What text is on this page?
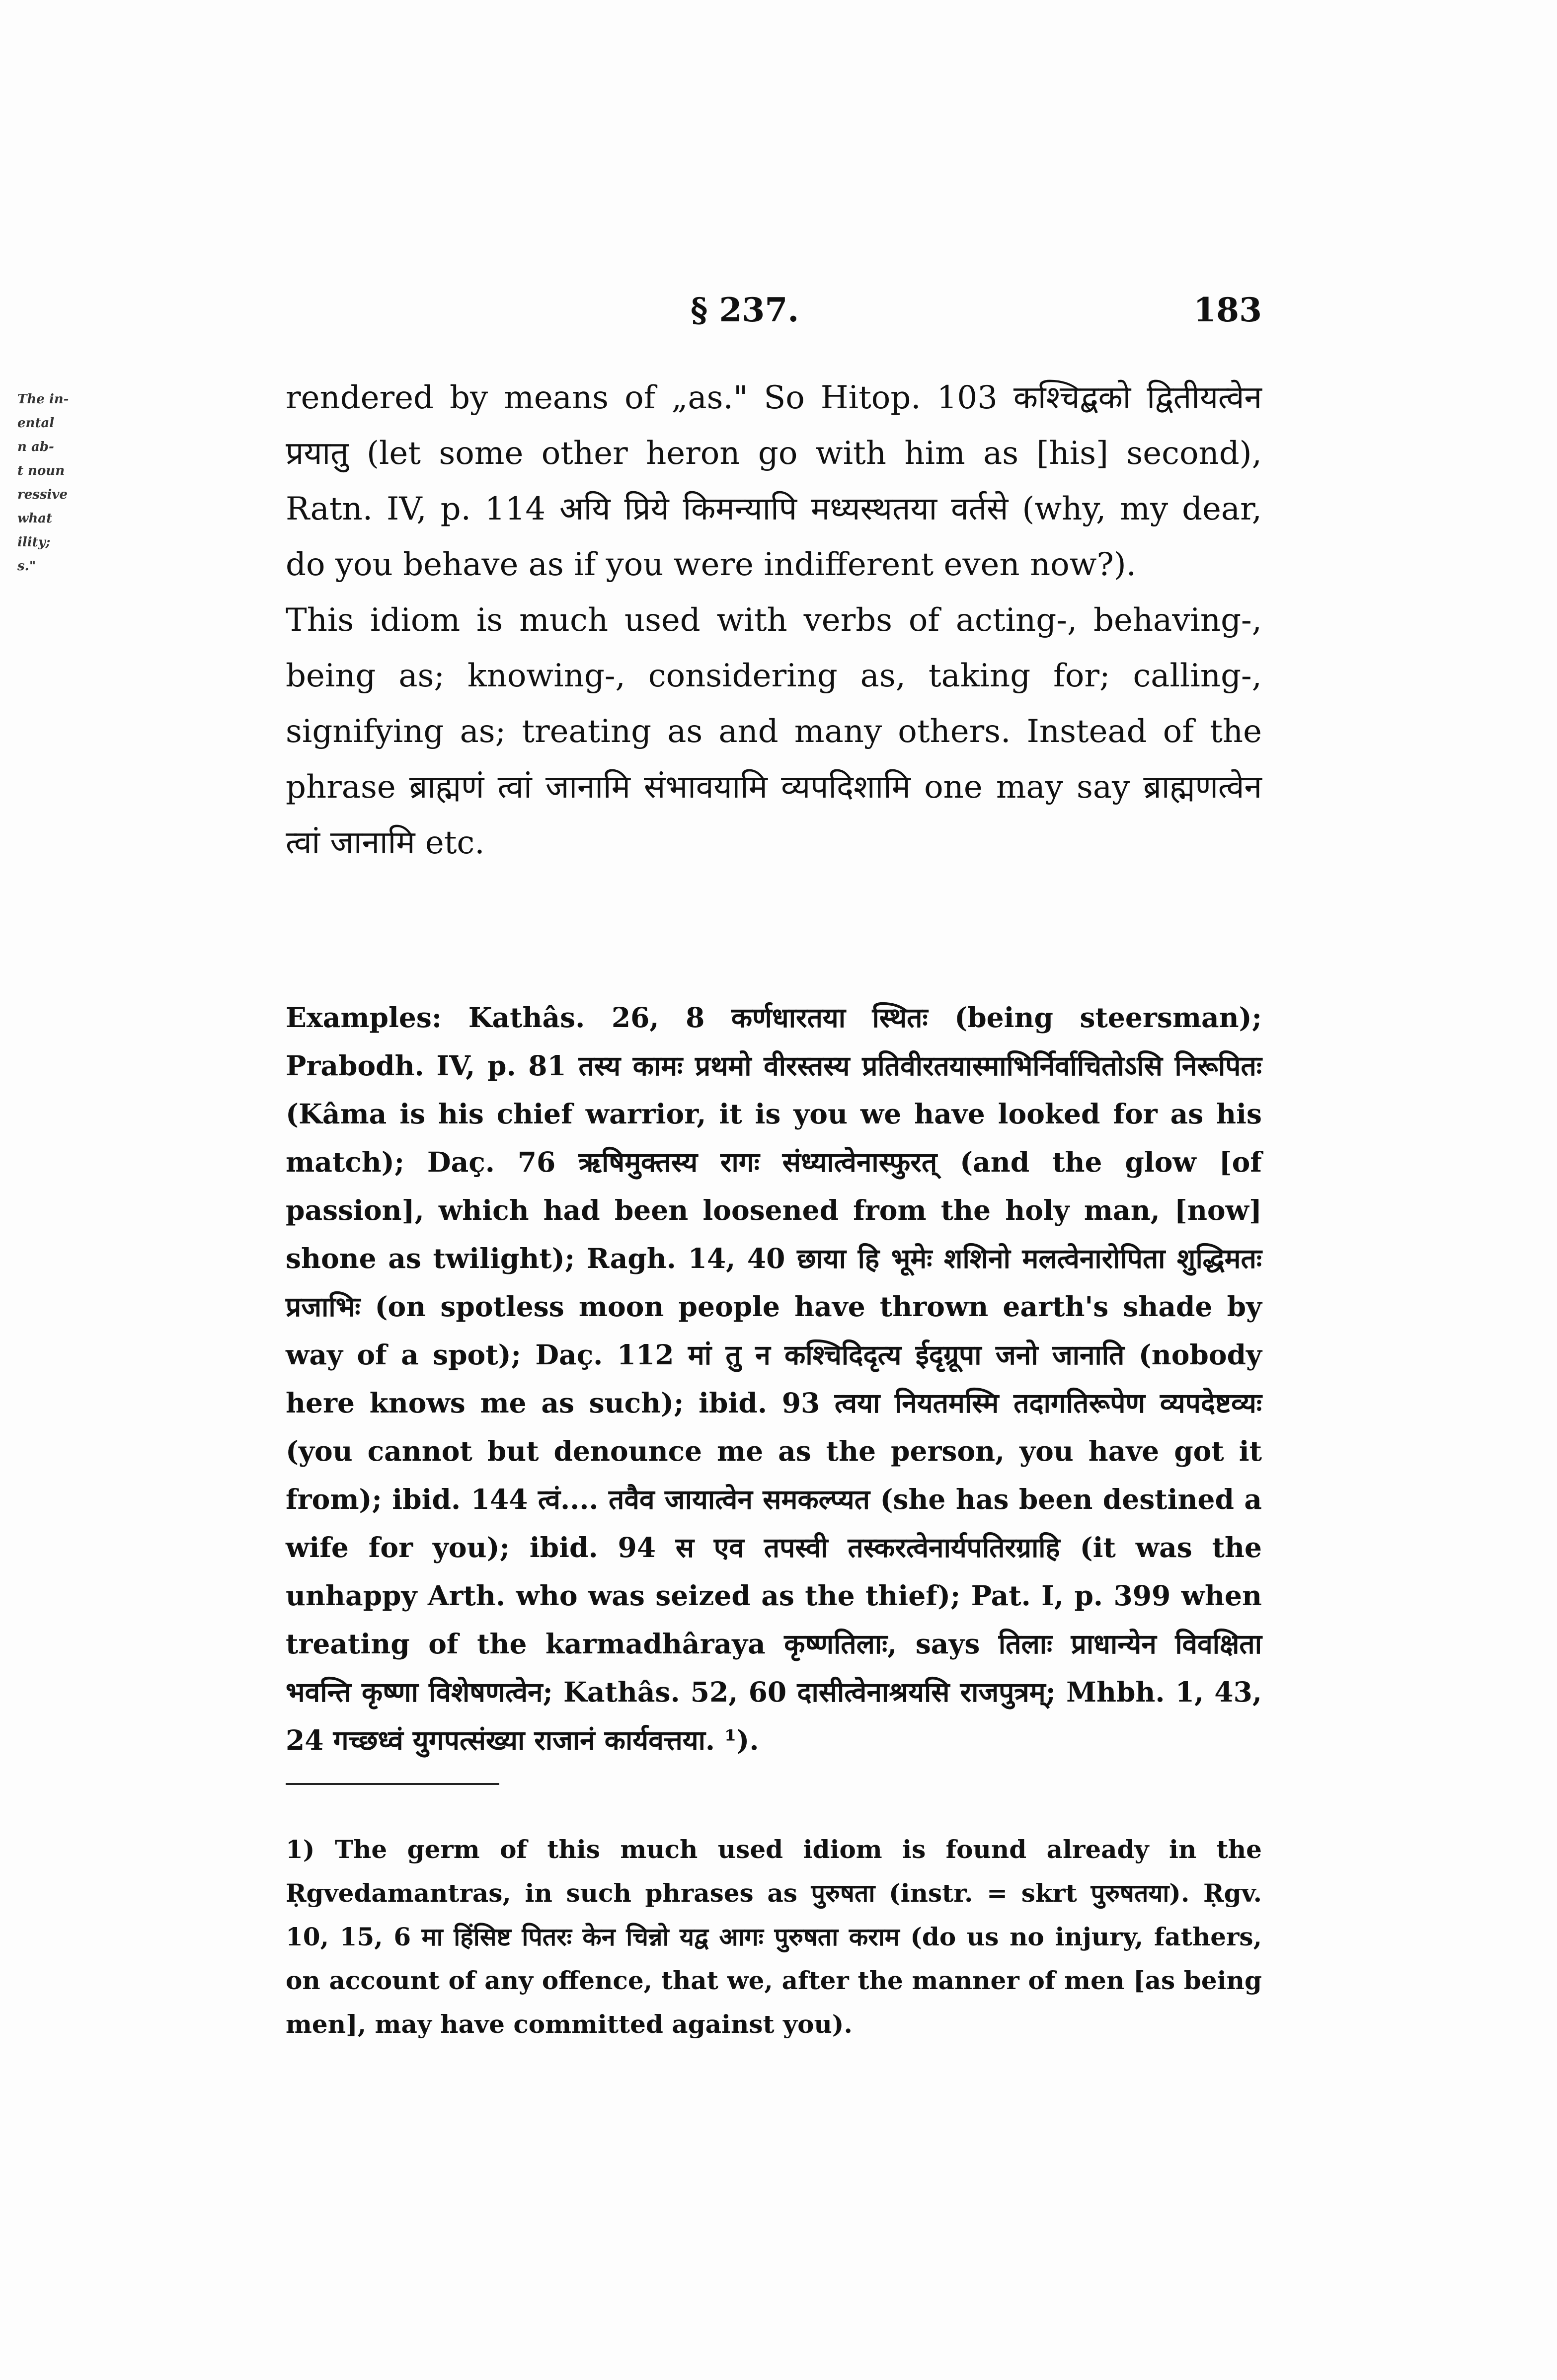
§ 237.	183
The in-
ental
n ab-
t noun
ressive
what
ility;
s."

rendered by means of „as." So Hitop. 103 कश्चिद्बको द्वितीयत्वेन प्रयातु (let some other heron go with him as [his] second), Ratn. IV, p. 114 अयि प्रिये किमन्यापि मध्यस्थतया वर्तसे (why, my dear, do you behave as if you were indifferent even now?).

This idiom is much used with verbs of acting-, behaving-, being as; knowing-, considering as, taking for; calling-, signifying as; treating as and many others. Instead of the phrase ब्राह्मणं त्वां जानामि संभावयामि व्यपदिशामि one may say ब्राह्मणत्वेन त्वां जानामि etc.

Examples: Kathâs. 26, 8 कर्णधारतया स्थितः (being steersman); Prabodh. IV, p. 81 तस्य कामः प्रथमो वीरस्तस्य प्रतिवीरतयास्माभिर्निर्वाचितोऽसि निरूपितः (Kâma is his chief warrior, it is you we have looked for as his match); Daç. 76 ऋषिमुक्तस्य रागः संध्यात्वेनास्फुरत् (and the glow [of passion], which had been loosened from the holy man, [now] shone as twilight); Ragh. 14, 40 छाया हि भूमेः शशिनो मलत्वेनारोपिता शुद्धिमतः प्रजाभिः (on spotless moon people have thrown earth's shade by way of a spot); Daç. 112 मां तु न कश्चिदिदृत्य ईदृग्रूपा जनो जानाति (nobody here knows me as such); ibid. 93 त्वया नियतमस्मि तदागतिरूपेण व्यपदेष्टव्यः (you cannot but denounce me as the person, you have got it from); ibid. 144 त्वं.... तवैव जायात्वेन समकल्प्यत (she has been destined a wife for you); ibid. 94 स एव तपस्वी तस्करत्वेनार्यपतिरग्राहि (it was the unhappy Arth. who was seized as the thief); Pat. I, p. 399 when treating of the karmadhâraya कृष्णतिलाः, says तिलाः प्राधान्येन विवक्षिता भवन्ति कृष्णा विशेषणत्वेन; Kathâs. 52, 60 दासीत्वेनाश्रयसि राजपुत्रम्; Mhbh. 1, 43, 24 गच्छध्वं युगपत्संख्या राजानं कार्यवत्तया. ¹).

1) The germ of this much used idiom is found already in the Ṛgvedamantras, in such phrases as पुरुषता (instr. = skrt पुरुषतया). Ṛgv. 10, 15, 6 मा हिंसिष्ट पितरः केन चिन्नो यद्व आगः पुरुषता कराम (do us no injury, fathers, on account of any offence, that we, after the manner of men [as being men], may have committed against you).
